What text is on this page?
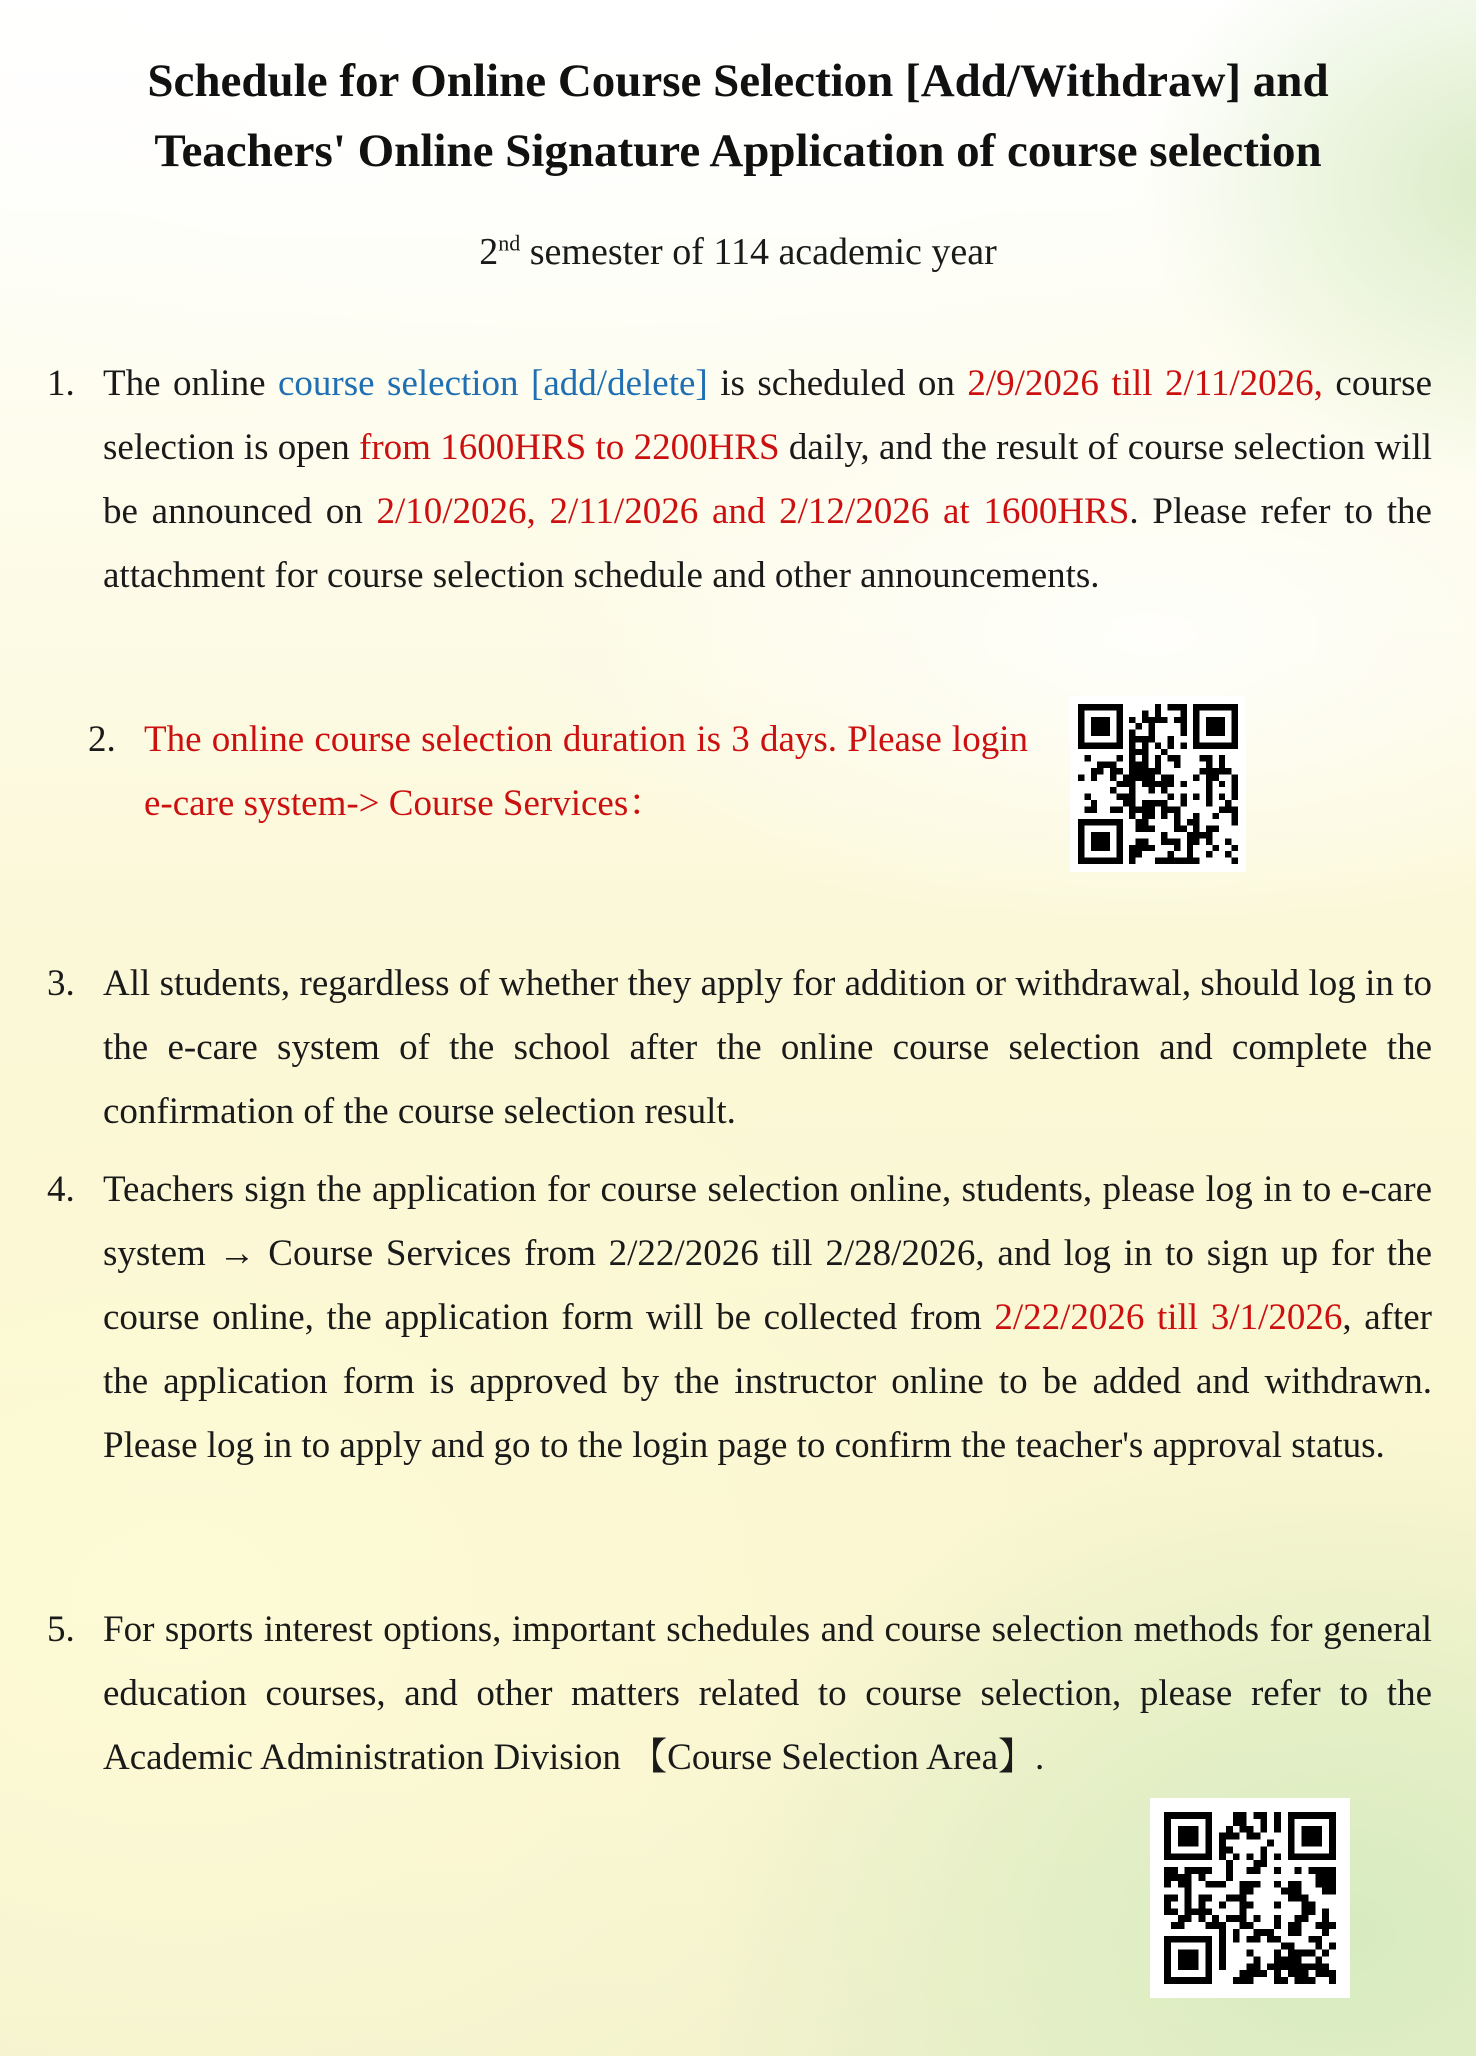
Schedule for Online Course Selection [Add/Withdraw] and
Teachers' Online Signature Application of course selection
2nd semester of 114 academic year
1. The online course selection [add/delete] is scheduled on 2/9/2026 till 2/11/2026, course selection is open from 1600HRS to 2200HRS daily, and the result of course selection will be announced on 2/10/2026, 2/11/2026 and 2/12/2026 at 1600HRS. Please refer to the attachment for course selection schedule and other announcements.
2. The online course selection duration is 3 days. Please login e-care system-> Course Services：
3. All students, regardless of whether they apply for addition or withdrawal, should log in to the e-care system of the school after the online course selection and complete the confirmation of the course selection result.
4. Teachers sign the application for course selection online, students, please log in to e-care system → Course Services from 2/22/2026 till 2/28/2026, and log in to sign up for the course online, the application form will be collected from 2/22/2026 till 3/1/2026, after the application form is approved by the instructor online to be added and withdrawn. Please log in to apply and go to the login page to confirm the teacher's approval status.
5. For sports interest options, important schedules and course selection methods for general education courses, and other matters related to course selection, please refer to the Academic Administration Division 【Course Selection Area】.
